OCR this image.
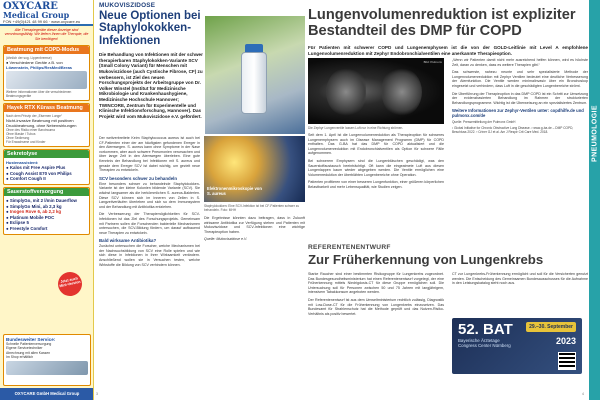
OXYCARE
Medical Group
FON +49(0)421 48 99 66 · www.oxycare.eu
Alle Therapiegeräte dieser Anzeige sind verordnungsfähig. Wir liefern Ihnen die Therapie, die Sie benötigen!
Beatmung mit COPD-Modus
(ähnlich der sog. Lippenbremse)
● Verschiedene Geräte z.B. von
Löwenstein, Philips/ResMed/Breas
Weitere Informationen über die verschiedenen Beatmungsgeräte
Hayek RTX Kürass Beatmung
Nach dem Prinzip der „Eisernen Lunge“
Nicht-invasive Beatmung mit positiven
Druckbeatmung, ohne Nebenwirkungen
Ohne des Risiko einer Barotrauma
Ohne Maske / Tubus
Ohne Sedierung
Für Erwachsene und Kinder
Sekretolyse
Hustenassistent:
● Kalos mit Free Aspire Plus
● Cough Assist E70 von Philips
● Comfort Cough II
Sauerstoffversorgung
● SimplyGo, mit 2 l/min Dauerflow
● SimplyGo Mini, ab 2,3 kg
● Inogen Rove 6, ab 2,2 kg
● Platinum Mobile POC
● Eclipse 5
● Freestyle Comfort
Jetzt auch Mini-Version
Bundesweiter Service:
Schnelle Patientenversorgung
Eigene Servicetechniker
Abrechnung mit allen Kassen
Im Shop erhältlich
OXYCARE GmbH Medical Group
MUKOVISZIDOSE
Neue Optionen bei Staphylokokken-Infektionen
Die Behandlung von Infektionen mit der schwer therapierbaren Staphylokokken-Variante SCV (Small Colony Variant) für Menschen mit Mukoviszidose (auch Cystische Fibrose, CF) zu verbessern, ist Ziel des neuen Forschungsprojekts der Arbeitsgruppe von Dr. Volker Winstel (Institut für Medizinische Mikrobiologie und Krankenhaushygiene, Medizinische Hochschule Hannover; TWINCORE, Zentrum für Experimentelle und Klinische Infektionsforschung, Hannover). Das Projekt wird vom Mukoviszidose e.V. gefördert.

Der weitverbreitete Keim Staphylococcus aureus ist auch bei CF-Patienten einer der am häufigsten gefundenen Erreger in den Atemwegen. S. aureus kann ohne Symptome in der Nase vorkommen, aber auch schwere Pneumonien verursachen und über lange Zeit in den Atemwegen überleben. Eine gute Kenntnis der Behandlung bei Infektionen mit S. aureus und gerade dem Erreger SCV ist dabei wichtig, um gezielt neue Therapien zu entwickeln.

SCV besonders schwer zu behandeln

Eine besonders schwer zu behandelnde Staphylokokken-Variante ist der kleine Kolonien bildende Variante (SCV). Sie wächst langsamer als die herkömmlichen S. aureus-Bakterien. Diese SCV können sich im Inneren von Zellen in S. Langzeitverläufen überleben und sich so dem Immunsystem und der Behandlung mit Antibiotika entziehen.

Die Verbesserung der Therapiemöglichkeiten für SCV-Infektionen ist das Ziel des Forschungsprojekts. Gemeinsam mit Partnern sollen die Forschenden bakterielle Mechanismen untersuchen, die SCV-Bildung fördern, um darauf aufbauend neue Therapien zu entwickeln.

Bald wirksame Antibiotika?

Zunächst untersuchen die Forscher, welche Mechanismen bei der Nachwuchsbildung von SCV eine Rolle spielen und wie sich diese in Infektionen in ihrer Wirksamkeit verändern. Anschließend wollen sie in Versuchen testen, welche Wirkstoffe die Bildung von SCV verhindern können.

Elektronenmikroskopie von S. aureus
Staphylokokken: Eine SCV-Infektion ist bei CF-Patienten schwer zu behandeln. Foto: MHH

Die Ergebnisse könnten dazu beitragen, dass in Zukunft wirksame Antibiotika zur Verfügung stehen und Patienten mit Mukoviszidose und SCV-Infektionen eine wichtige Therapieoption haben.

Quelle: Mukoviszidose e.V.

Lungenvolumenreduktion ist expliziter Bestandteil des DMP für COPD
Für Patienten mit schwerer COPD und Lungenemphysem ist die von der GOLD-Leitlinie mit Level A empfohlene Lungenvolumenreduktion mit Zephyr Endobronchialventilen eine anerkannte Therapieoption.
Bild: Pulmonx
Die Zephyr Lungenventile lassen Luft nur in eine Richtung strömen.

Seit dem 1. April ist die Lungenvolumenreduktion als Therapieoption für schweres Lungenemphysem auch im Disease Management Programm (DMP) für COPD enthalten. Das G-BA hat das DMP für COPD aktualisiert und die Lungenvolumenreduktion mit Endobronchialventilen als Option für schwere Fälle aufgenommen.

Bei schwerem Emphysem sind die Lungenbläschen geschädigt, was den Sauerstoffaustausch beeinträchtigt. Oft kann die eingeatmete Luft aus diesen Lungenlappen kaum wieder abgegeben werden. Die Ventile ermöglichen eine Volumenreduktion der überblähten Lungenbereiche ohne Operation.

Patienten profitieren von einer besseren Lungenfunktion, einer größeren körperlichen Belastbarkeit und mehr Lebensqualität, wie Studien zeigen.

„Wenn wir Patienten damit nicht mehr ausreichend helfen können, wird es höchste Zeit, daran zu denken, dass es weitere Therapien gibt.“

Das schwerste, nahezu neunte und sehr spezialisierte Methode der Lungenvolumenreduktion mit Zephyr Ventilen bedeutet eine deutliche Verbesserung der Atemfunktion. Die Ventile werden minimalinvasiv über ein Bronchoskop eingesetzt und verhindern, dass Luft in die geschädigten Lungenbereiche strömt.

Die Überführung der Therapieoption in das DMP COPD ist ein Schritt zur Umsetzung der evidenzbasierten Behandlung im Rahmen der strukturierten Behandlungsprogramme. Wichtig ist die Überweisung an ein spezialisiertes Zentrum.

Weitere Informationen zur Zephyr-Ventilen unter: copdhilfe.de und pulmonx.com/de

Quelle: Pressemitteilung der Pulmonx GmbH

¹ Global Initiative for Chronic Obstructive Lung Disease. ² www.g-ba.de – DMP COPD, Beschluss 2022. ³ Criner GJ et al. Am J Respir Crit Care Med. 2018.

REFERENTENENTWURF
Zur Früherkennung von Lungenkrebs

Starke Raucher sind einer bestimmten Risikogruppe für Lungenkrebs zugeordnet. Das Bundesgesundheitsministerium hat einen Referentenentwurf vorgelegt, der eine Früherkennung mittels Niedrigdosis-CT für diese Gruppe ermöglichen soll. Die Untersuchung soll für Personen zwischen 50 und 75 Jahren mit langjährigem, intensivem Tabakkonsum angeboten werden.

Der Referentenentwurf ist aus dem Umweltministerium rechtlich zulässig, Diagnostik mit Low-Dose-CT für die Früherkennung von Lungenkrebs einzusetzen. Das Bundesamt für Strahlenschutz hat die Methode geprüft und das Nutzen-Risiko-Verhältnis als positiv bewertet.

CT zur Lungenkrebs-Früherkennung ermöglicht und soll für die Versicherten genutzt werden. Die Entscheidung des Gemeinsamen Bundesausschusses für die Aufnahme in den Leistungskatalog steht noch aus.

52. BAT
Bayerische Ärztetage
Congress Center Nürnberg
29.–30. September
2023
PNEUMOLOGIE
3	4
